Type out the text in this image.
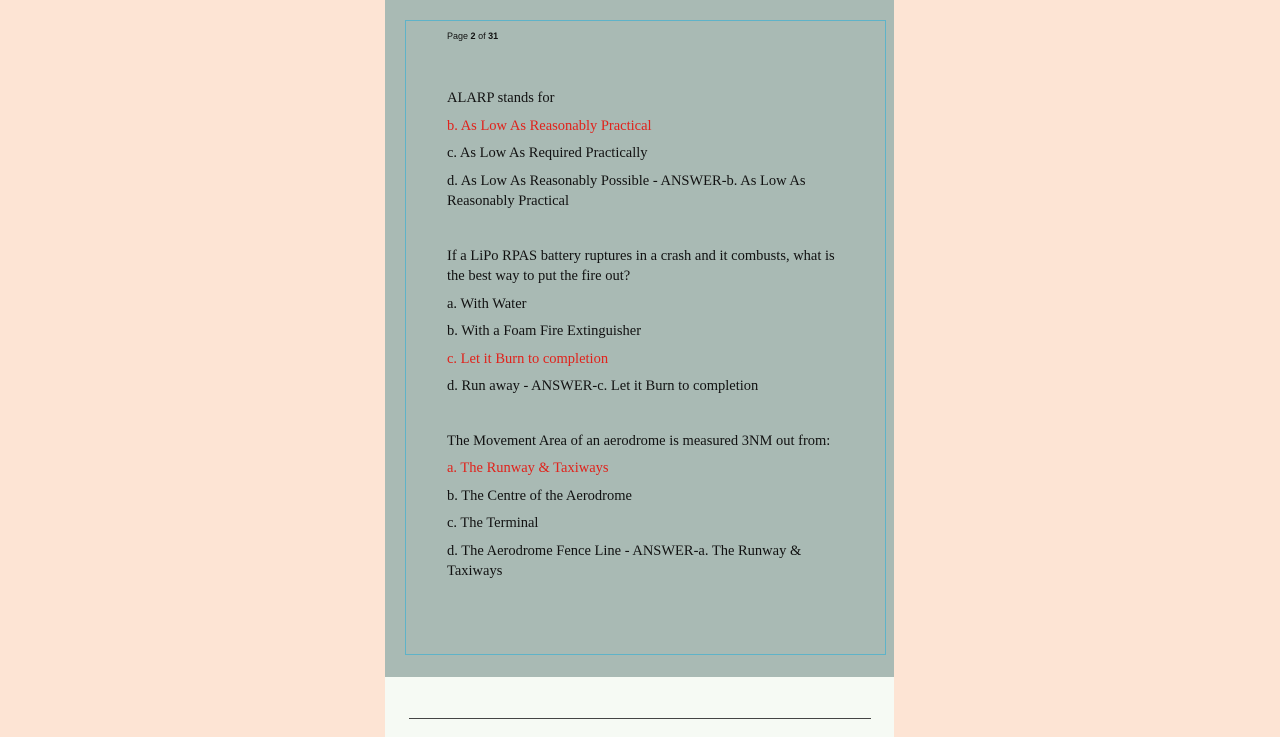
Page 2 of 31

ALARP stands for

b. As Low As Reasonably Practical

c. As Low As Required Practically

d. As Low As Reasonably Possible - ANSWER-b. As Low As Reasonably Practical

If a LiPo RPAS battery ruptures in a crash and it combusts, what is the best way to put the fire out?

a. With Water

b. With a Foam Fire Extinguisher

c. Let it Burn to completion

d. Run away - ANSWER-c. Let it Burn to completion

The Movement Area of an aerodrome is measured 3NM out from:

a. The Runway & Taxiways

b. The Centre of the Aerodrome

c. The Terminal

d. The Aerodrome Fence Line - ANSWER-a. The Runway & Taxiways
